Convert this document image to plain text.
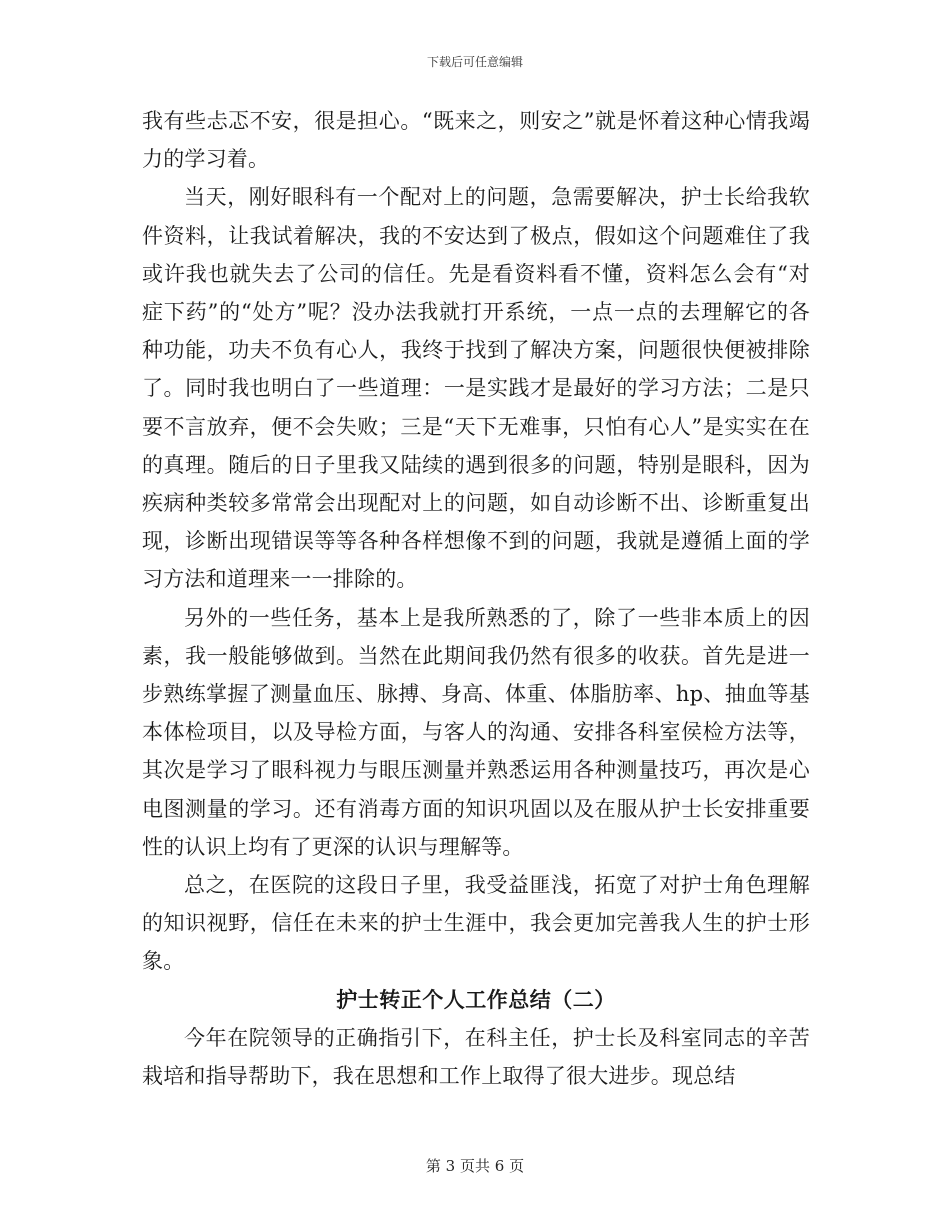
下载后可任意编辑

我有些忐忑不安，很是担心。“既来之，则安之”就是怀着这种心情我竭力的学习着。

当天，刚好眼科有一个配对上的问题，急需要解决，护士长给我软件资料，让我试着解决，我的不安达到了极点，假如这个问题难住了我或许我也就失去了公司的信任。先是看资料看不懂，资料怎么会有“对症下药”的“处方”呢？没办法我就打开系统，一点一点的去理解它的各种功能，功夫不负有心人，我终于找到了解决方案，问题很快便被排除了。同时我也明白了一些道理：一是实践才是最好的学习方法；二是只要不言放弃，便不会失败；三是“天下无难事，只怕有心人”是实实在在的真理。随后的日子里我又陆续的遇到很多的问题，特别是眼科，因为疾病种类较多常常会出现配对上的问题，如自动诊断不出、诊断重复出现，诊断出现错误等等各种各样想像不到的问题，我就是遵循上面的学习方法和道理来一一排除的。

另外的一些任务，基本上是我所熟悉的了，除了一些非本质上的因素，我一般能够做到。当然在此期间我仍然有很多的收获。首先是进一步熟练掌握了测量血压、脉搏、身高、体重、体脂肪率、hp、抽血等基本体检项目，以及导检方面，与客人的沟通、安排各科室侯检方法等，其次是学习了眼科视力与眼压测量并熟悉运用各种测量技巧，再次是心电图测量的学习。还有消毒方面的知识巩固以及在服从护士长安排重要性的认识上均有了更深的认识与理解等。

总之，在医院的这段日子里，我受益匪浅，拓宽了对护士角色理解的知识视野，信任在未来的护士生涯中，我会更加完善我人生的护士形象。

护士转正个人工作总结（二）

今年在院领导的正确指引下，在科主任，护士长及科室同志的辛苦栽培和指导帮助下，我在思想和工作上取得了很大进步。现总结

第 3 页共 6 页
